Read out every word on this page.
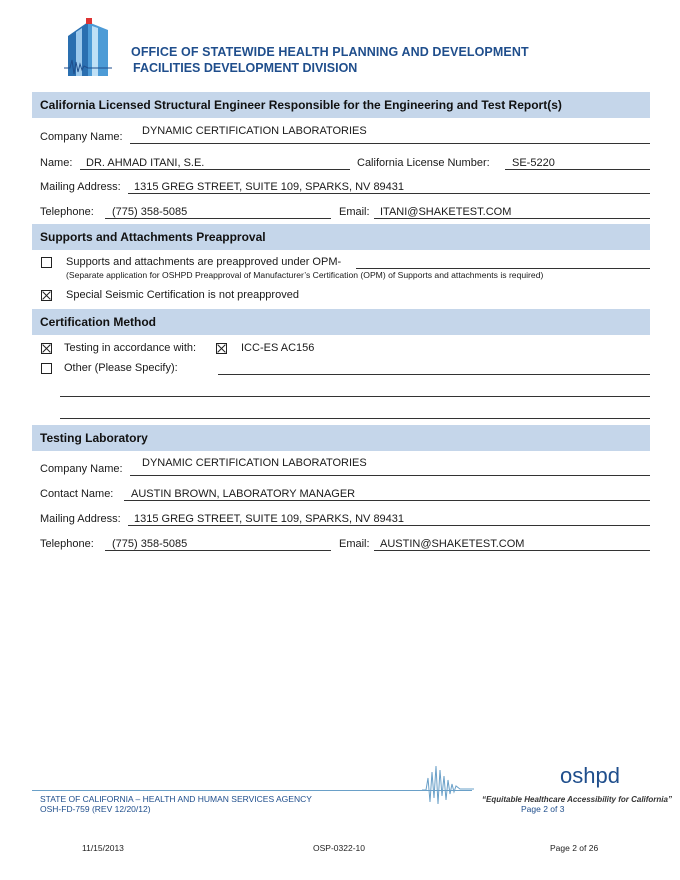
OFFICE OF STATEWIDE HEALTH PLANNING AND DEVELOPMENT
FACILITIES DEVELOPMENT DIVISION
California Licensed Structural Engineer Responsible for the Engineering and Test Report(s)
Company Name: DYNAMIC CERTIFICATION LABORATORIES
Name: DR. AHMAD ITANI, S.E.	California License Number: SE-5220
Mailing Address: 1315 GREG STREET, SUITE 109, SPARKS, NV 89431
Telephone: (775) 358-5085	Email: ITANI@SHAKETEST.COM
Supports and Attachments Preapproval
Supports and attachments are preapproved under OPM-
(Separate application for OSHPD Preapproval of Manufacturer’s Certification (OPM) of Supports and attachments is required)
Special Seismic Certification is not preapproved
Certification Method
Testing in accordance with:	ICC-ES AC156
Other (Please Specify):
Testing Laboratory
Company Name: DYNAMIC CERTIFICATION LABORATORIES
Contact Name: AUSTIN BROWN, LABORATORY MANAGER
Mailing Address: 1315 GREG STREET, SUITE 109, SPARKS, NV 89431
Telephone: (775) 358-5085	Email: AUSTIN@SHAKETEST.COM
oshpd
“Equitable Healthcare Accessibility for California”
STATE OF CALIFORNIA – HEALTH AND HUMAN SERVICES AGENCY
OSH-FD-759 (REV 12/20/12)	Page 2 of 3
11/15/2013	OSP-0322-10	Page 2 of 26
